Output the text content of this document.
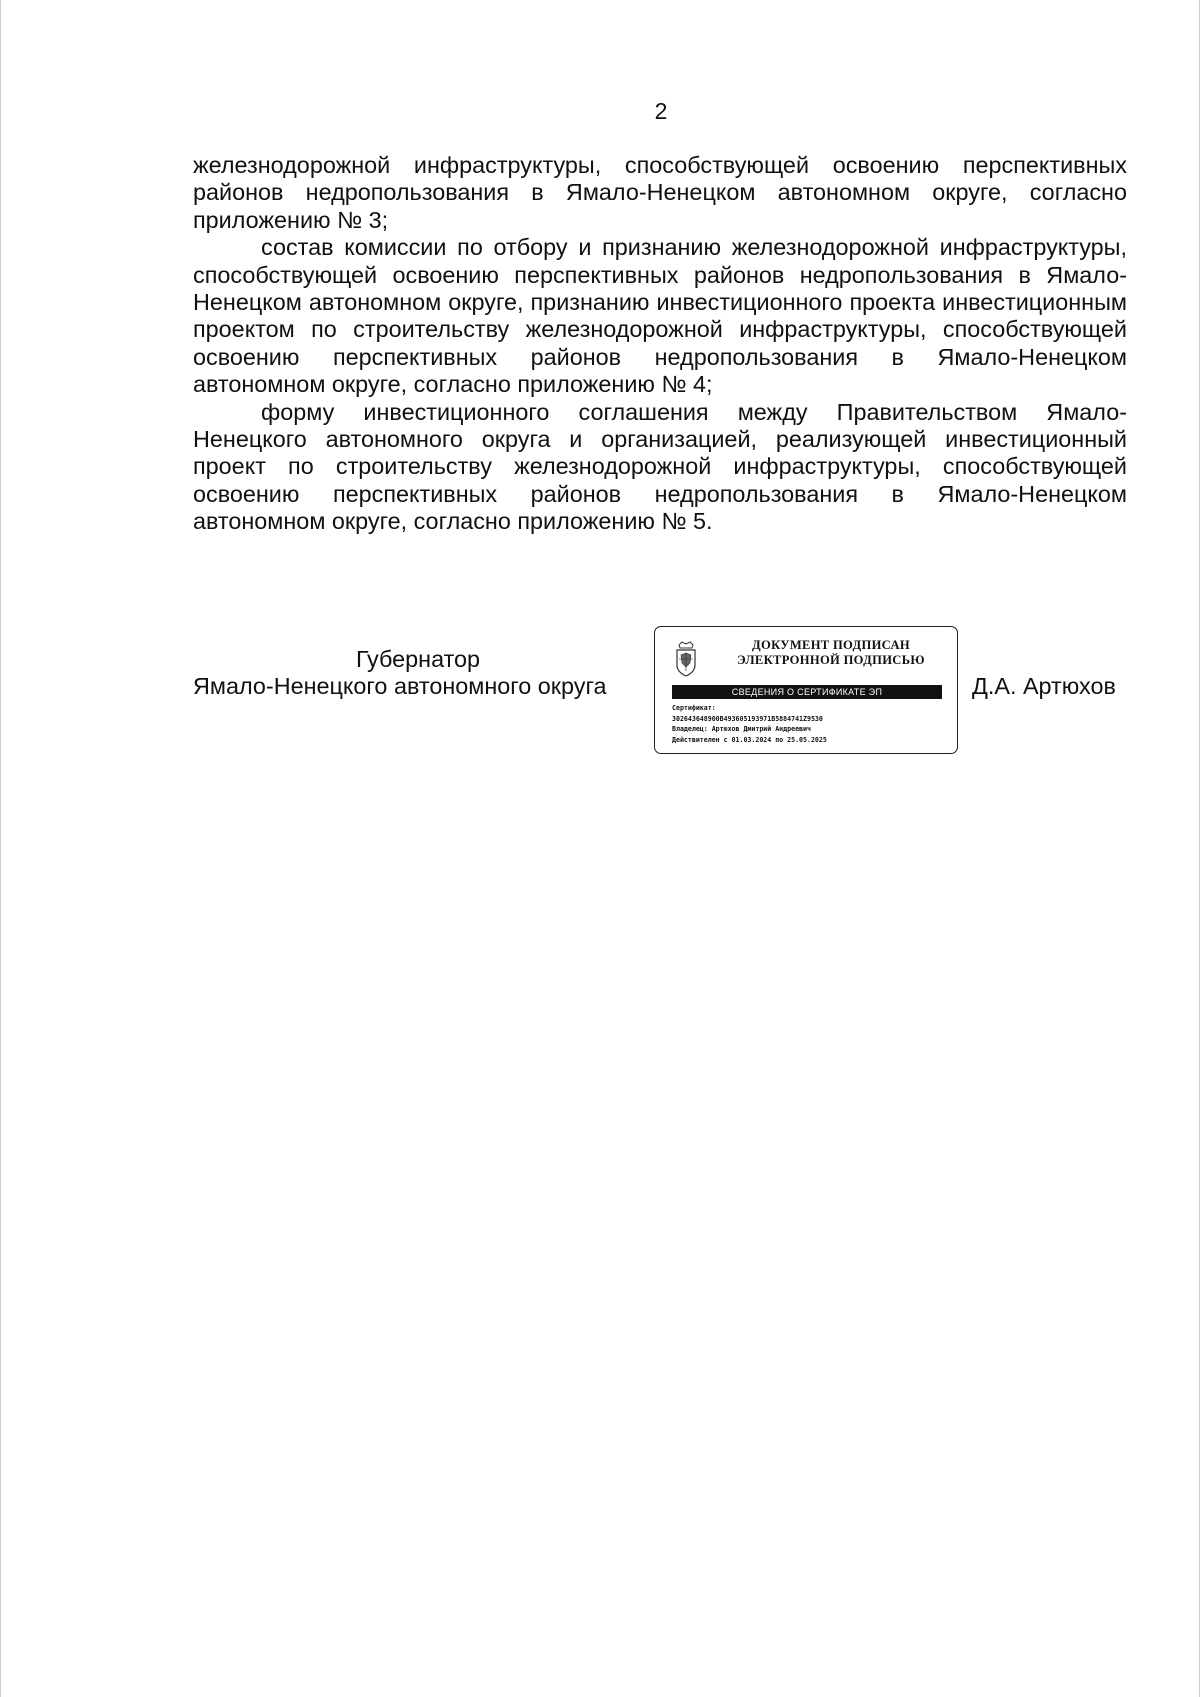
2

железнодорожной инфраструктуры, способствующей освоению перспективных районов недропользования в Ямало-Ненецком автономном округе, согласно приложению № 3;

состав комиссии по отбору и признанию железнодорожной инфраструктуры, способствующей освоению перспективных районов недропользования в Ямало-Ненецком автономном округе, признанию инвестиционного проекта инвестиционным проектом по строительству железнодорожной инфраструктуры, способствующей освоению перспективных районов недропользования в Ямало-Ненецком автономном округе, согласно приложению № 4;

форму инвестиционного соглашения между Правительством Ямало-Ненецкого автономного округа и организацией, реализующей инвестиционный проект по строительству железнодорожной инфраструктуры, способствующей освоению перспективных районов недропользования в Ямало-Ненецком автономном округе, согласно приложению № 5.

Губернатор
Ямало-Ненецкого автономного округа
ДОКУМЕНТ ПОДПИСАН
ЭЛЕКТРОННОЙ ПОДПИСЬЮ
СВЕДЕНИЯ О СЕРТИФИКАТЕ ЭП
Сертификат:
302643648900B493605193971B5884741Z9530
Владелец: Артюхов Дмитрий Андреевич
Действителен с 01.03.2024 по 25.05.2025
Д.А. Артюхов
